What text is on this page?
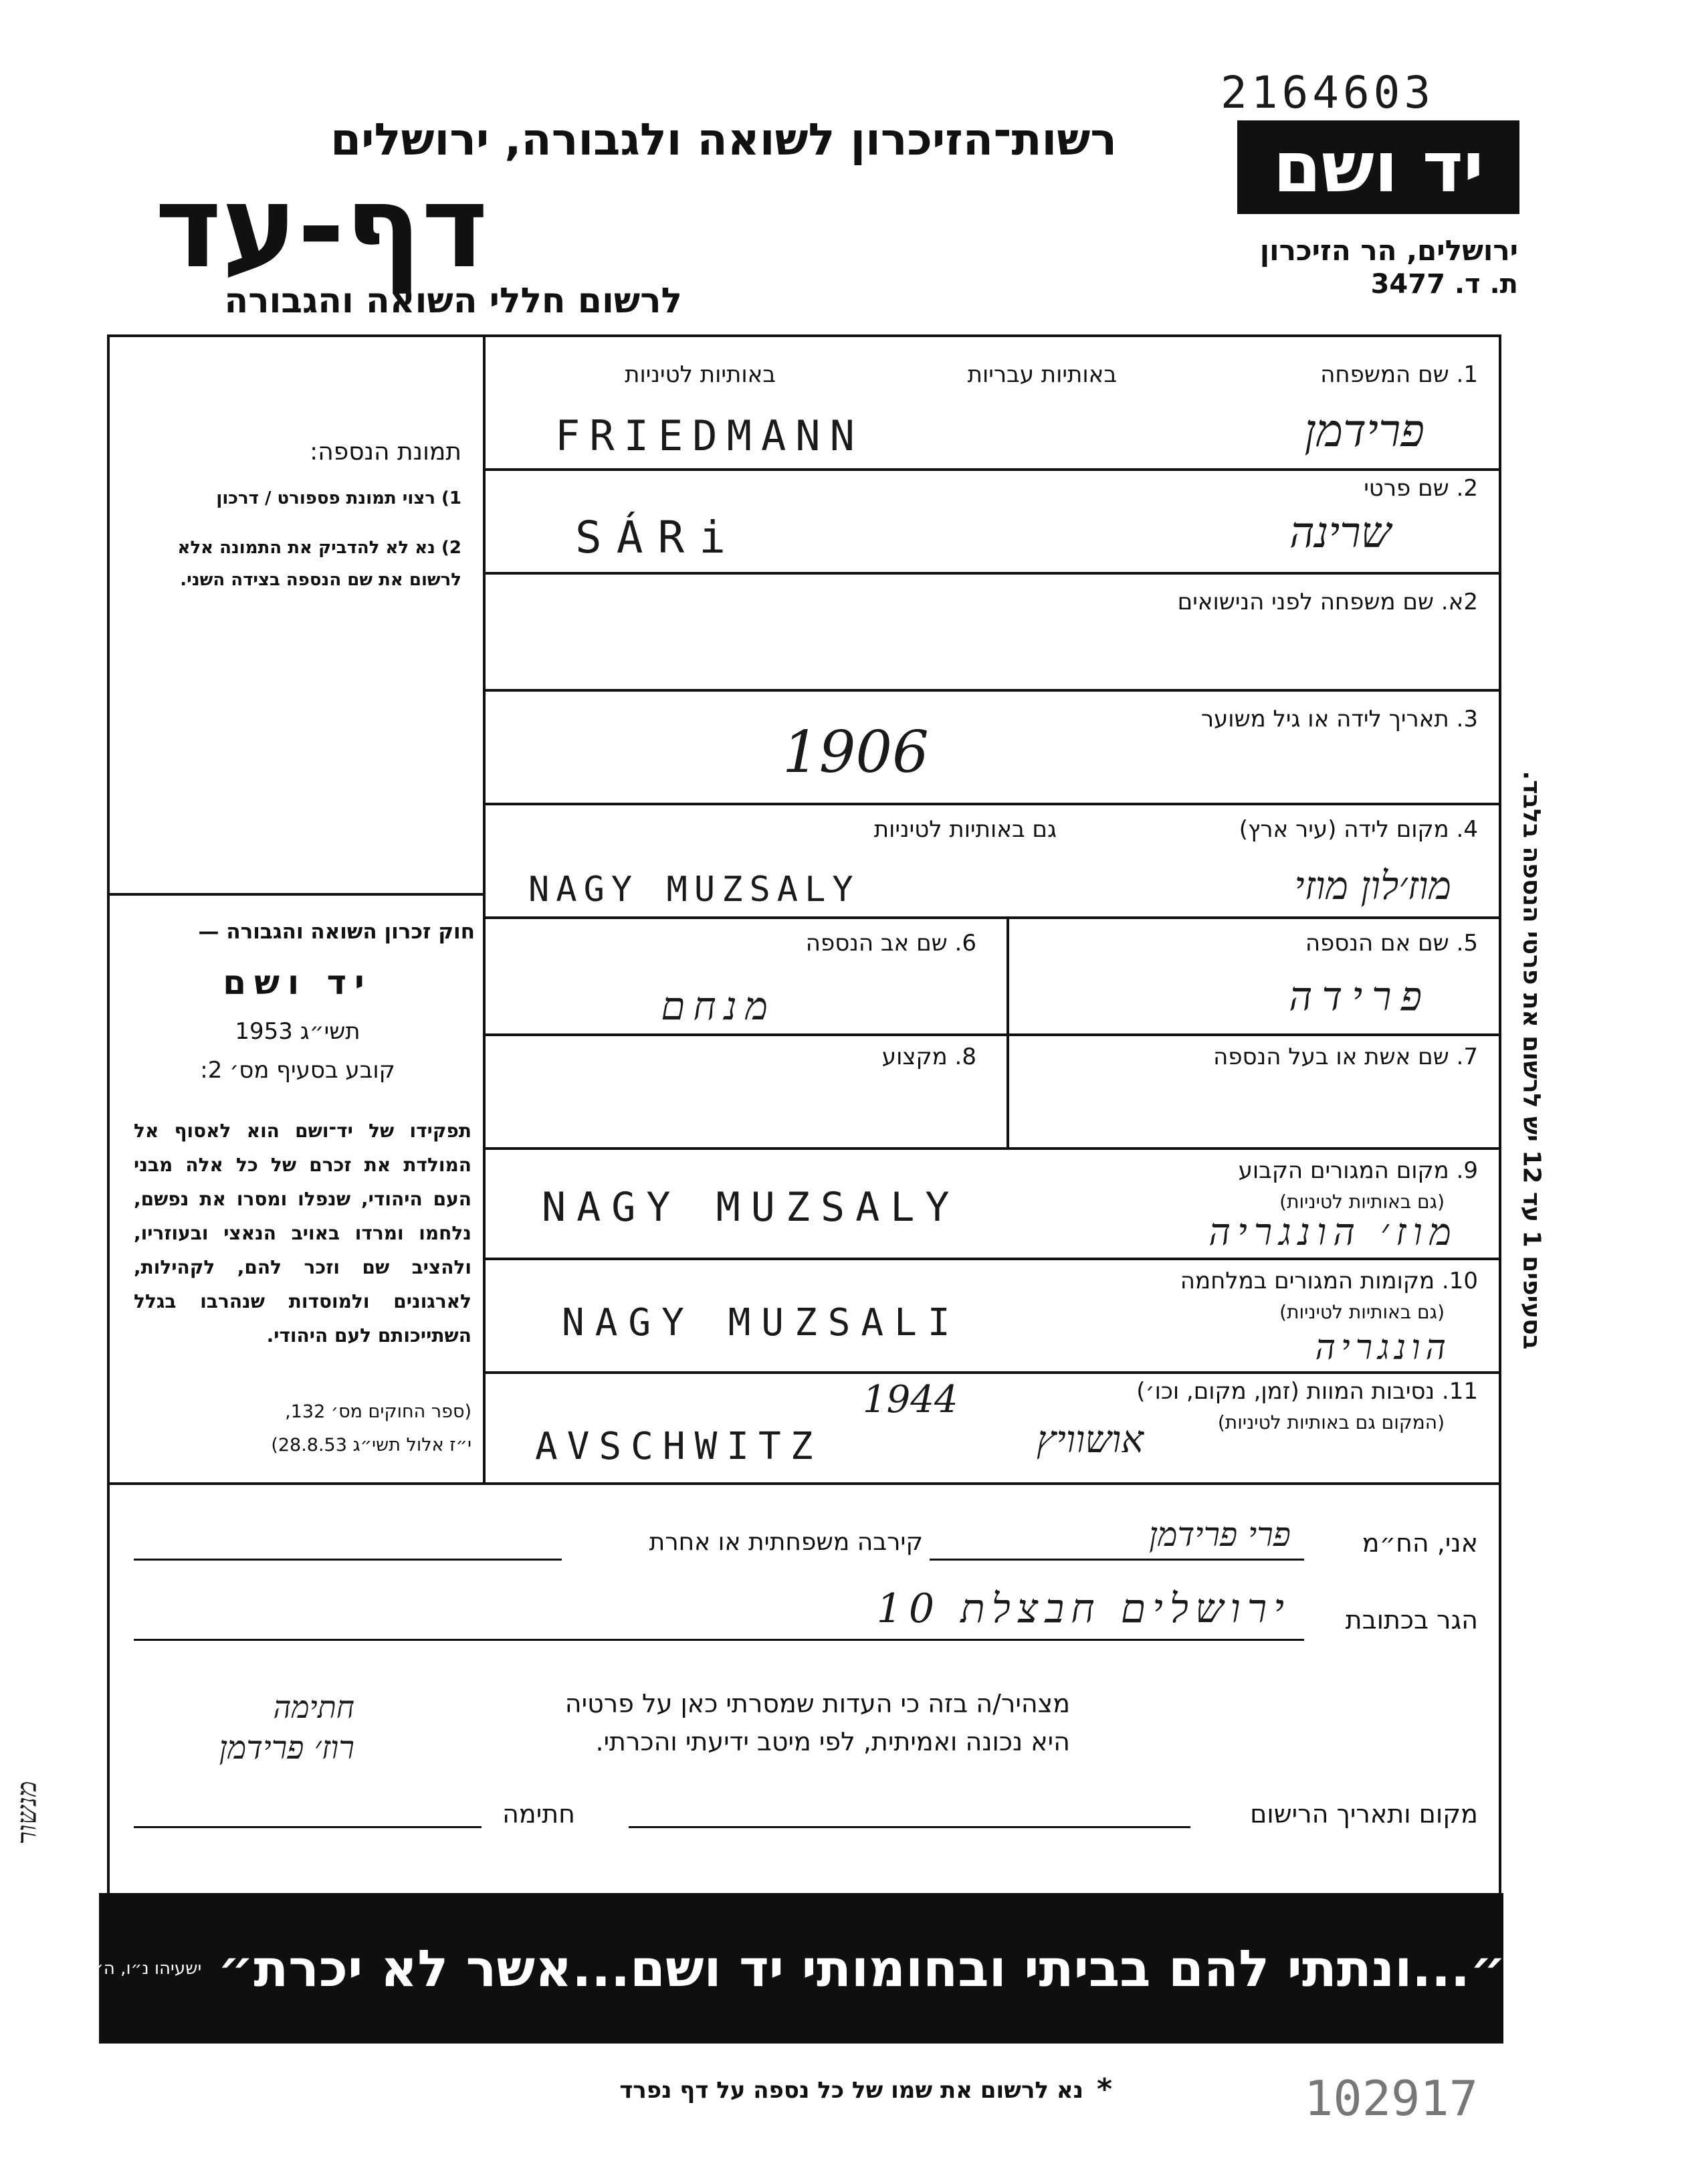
2164603
רשות־הזיכרון לשואה ולגבורה, ירושלים
דף-עד
לרשום חללי השואה והגבורה
יד ושם
ירושלים, הר הזיכרון
ת. ד. 3477
תמונת הנספה:
1) רצוי תמונת פספורט / דרכון
2) נא לא להדביק את התמונה אלא לרשום את שם הנספה בצידה השני.
חוק זכרון השואה והגבורה —
יד ושם
תשי״ג 1953
קובע בסעיף מס׳ 2:
תפקידו של יד־ושם הוא לאסוף אל המולדת את זכרם של כל אלה מבני העם היהודי, שנפלו ומסרו את נפשם, נלחמו ומרדו באויב הנאצי ובעוזריו, ולהציב שם וזכר להם, לקהילות, לארגונים ולמוסדות שנהרבו בגלל השתייכותם לעם היהודי.
(ספר החוקים מס׳ 132,
י״ז אלול תשי״ג 28.8.53)
1. שם המשפחה
באותיות עבריות
באותיות לטיניות
FRIEDMANN	פרידמן
2. שם פרטי
SÁRi	שרינה
2א. שם משפחה לפני הנישואים
3. תאריך לידה או גיל משוער
1906
4. מקום לידה (עיר ארץ)
גם באותיות לטיניות
NAGY MUZSALY	מוז׳לון מוזי
5. שם אם הנספה
פרידה
6. שם אב הנספה
מנחם
7. שם אשת או בעל הנספה
8. מקצוע
9. מקום המגורים הקבוע
(גם באותיות לטיניות)
NAGY MUZSALY
מוז׳ הונגריה
10. מקומות המגורים במלחמה
(גם באותיות לטיניות)
NAGY MUZSALI
הונגריה
11. נסיבות המוות (זמן, מקום, וכו׳)
(המקום גם באותיות לטיניות)
1944
AVSCHWITZ	אושוויץ
בסעיפים 1 עד 12 יש לרשום את פרטי הנספה בלבד.
אני, הח״מ
פרי פרידמן
קירבה משפחתית או אחרת
הגר בכתובת
ירושלים חבצלת 10
מצהיר/ה בזה כי העדות שמסרתי כאן על פרטיה
היא נכונה ואמיתית, לפי מיטב ידיעתי והכרתי.
חתימה
רוז׳ פרידמן
מנשור	מקום ותאריך הרישום
חתימה
״...ונתתי להם בביתי ובחומותי יד ושם...אשר לא יכרת״
ישעיהו נ״ו, ה׳
*
נא לרשום את שמו של כל נספה על דף נפרד	102917
